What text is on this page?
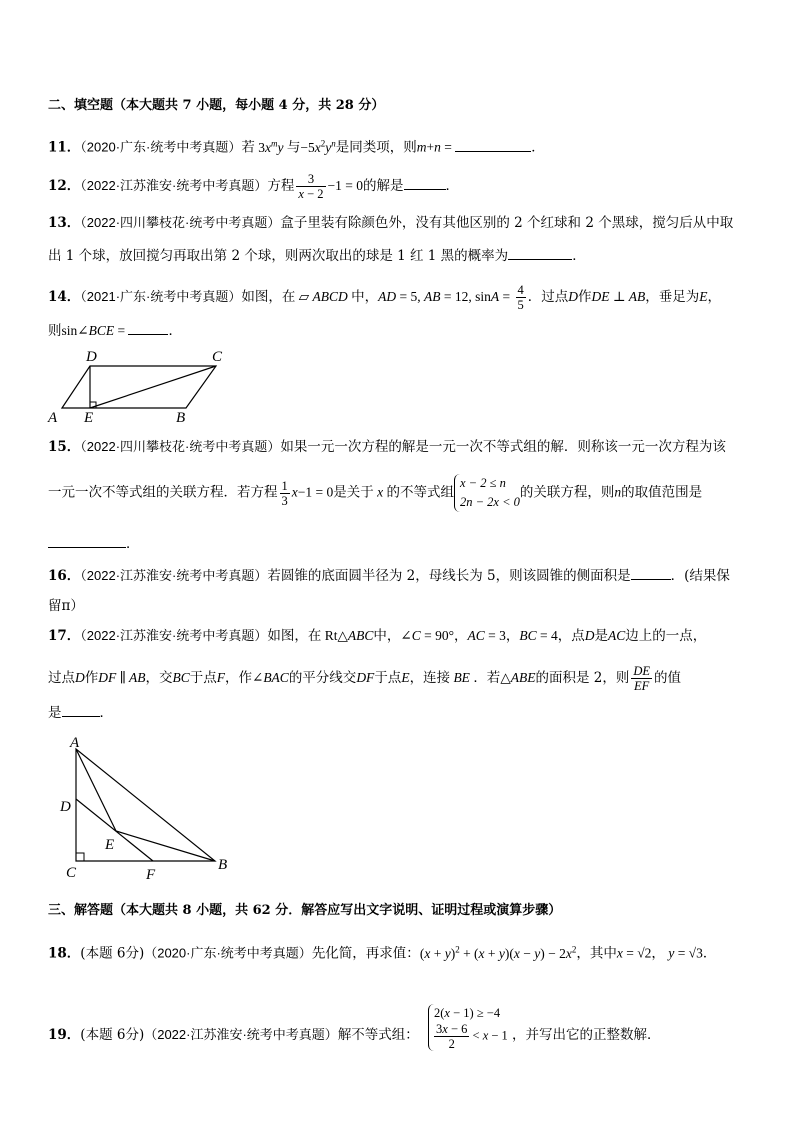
二、填空题（本大题共 7 小题，每小题 4 分，共 28 分）
11．（2020·广东·统考中考真题）若 $3x^my$ 与$-5x^2y^n$是同类项，则m+n =	．
12．（2022·江苏淮安·统考中考真题）方程 $\frac{3}{x - 2} -1 = 0$的解是	．
13．（2022·四川攀枝花·统考中考真题）盒子里装有除颜色外，没有其他区别的 2 个红球和 2 个黑球，搅匀后从中取
出 1 个球，放回搅匀再取出第 2 个球，则两次取出的球是 1 红 1 黑的概率为	．
14．（2021·广东·统考中考真题）如图，在 ▱ ABCD 中，AD = 5, AB = 12, $\sin A = \frac{4}{5}$ ．过点D作DE ⊥ AB，垂足为E，
则sin∠BCE =	．
D	C
A E	B
15．（2022·四川攀枝花·统考中考真题）如果一元一次方程的解是一元一次不等式组的解．则称该一元一次方程为该
一元一次不等式组的关联方程．若方程 $\frac{1}{3} x-1 = 0$是关于 x 的不等式组x − 2 ≤ n
2n − 2x < 0的关联方程，则n的取值范围是
．
16．（2022·江苏淮安·统考中考真题）若圆锥的底面圆半径为 2，母线长为 5，则该圆锥的侧面积是	．(结果保
留π）
17．（2022·江苏淮安·统考中考真题）如图，在 Rt△ABC中，∠C = 90°，AC = 3，BC = 4，点D是AC边上的一点，
过点D作DF ∥ AB，交BC于点F，作∠BAC的平分线交DF于点E，连接 BE ．若△ABE的面积是 2，则 $\frac{DE}{EF}$ 的值
是	．
A
D
E
C	F
B
三、解答题（本大题共 8 小题，共 62 分．解答应写出文字说明、证明过程或演算步骤）
18．(本题 6分)（2020·广东·统考中考真题）先化简，再求值：$(x + y)^2 + (x + y)(x - y) - 2x^2$，其中x = √2， y = √3．
19．(本题 6分)（2022·江苏淮安·统考中考真题）解不等式组：
2(x − 1) ≥ −4
$\frac{3x - 6}{2} < x - 1$ ，并写出它的正整数解．
